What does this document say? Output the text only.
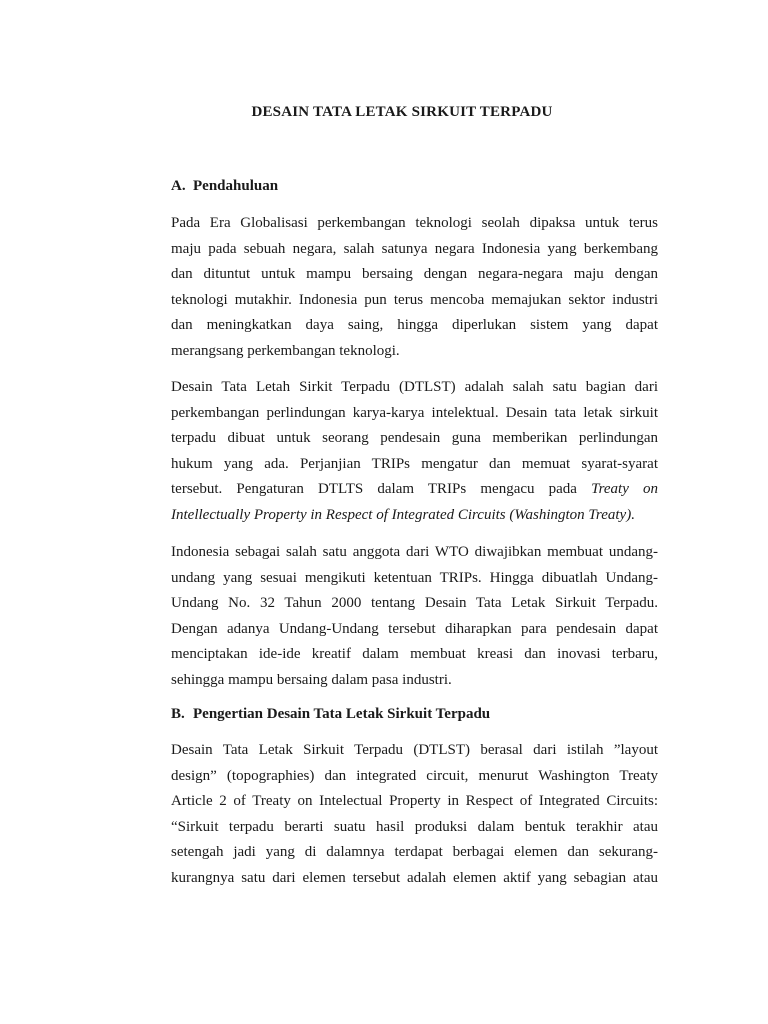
DESAIN TATA LETAK SIRKUIT TERPADU
A. Pendahuluan
Pada Era Globalisasi perkembangan teknologi seolah dipaksa untuk terus
maju pada sebuah negara, salah satunya negara Indonesia yang berkembang
dan dituntut untuk mampu bersaing dengan negara-negara maju dengan
teknologi mutakhir. Indonesia pun terus mencoba memajukan sektor industri
dan meningkatkan daya saing, hingga diperlukan sistem yang dapat
merangsang perkembangan teknologi.
Desain Tata Letah Sirkit Terpadu (DTLST) adalah salah satu bagian dari
perkembangan perlindungan karya-karya intelektual. Desain tata letak sirkuit
terpadu dibuat untuk seorang pendesain guna memberikan perlindungan
hukum yang ada. Perjanjian TRIPs mengatur dan memuat syarat-syarat
tersebut. Pengaturan DTLTS dalam TRIPs mengacu pada Treaty on
Intellectually Property in Respect of Integrated Circuits (Washington Treaty).
Indonesia sebagai salah satu anggota dari WTO diwajibkan membuat undang-
undang yang sesuai mengikuti ketentuan TRIPs. Hingga dibuatlah Undang-
Undang No. 32 Tahun 2000 tentang Desain Tata Letak Sirkuit Terpadu.
Dengan adanya Undang-Undang tersebut diharapkan para pendesain dapat
menciptakan ide-ide kreatif dalam membuat kreasi dan inovasi terbaru,
sehingga mampu bersaing dalam pasa industri.
B. Pengertian Desain Tata Letak Sirkuit Terpadu
Desain Tata Letak Sirkuit Terpadu (DTLST) berasal dari istilah ”layout
design” (topographies) dan integrated circuit, menurut Washington Treaty
Article 2 of Treaty on Intelectual Property in Respect of Integrated Circuits:
“Sirkuit terpadu berarti suatu hasil produksi dalam bentuk terakhir atau
setengah jadi yang di dalamnya terdapat berbagai elemen dan sekurang-
kurangnya satu dari elemen tersebut adalah elemen aktif yang sebagian atau
